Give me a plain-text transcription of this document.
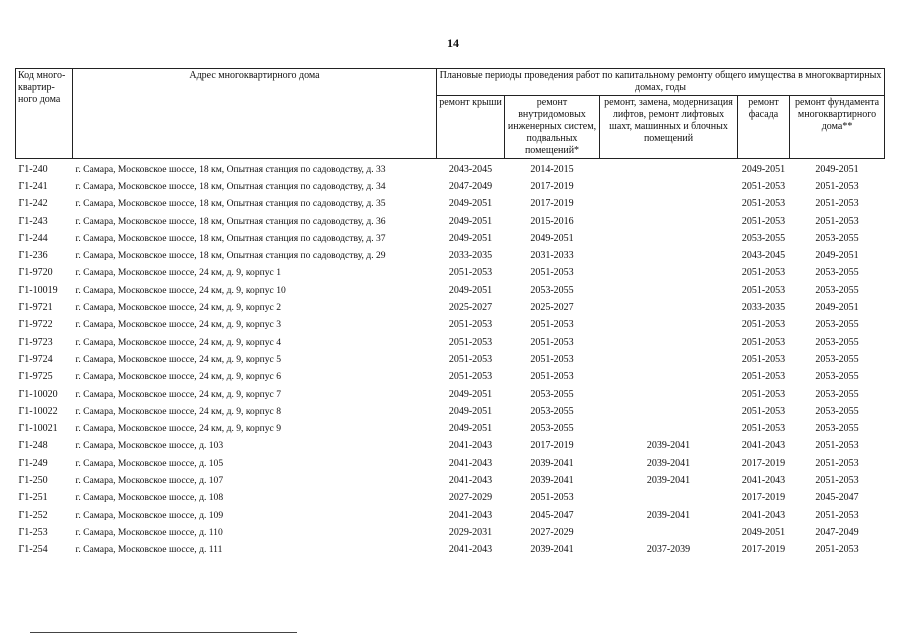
14
Код много-квартир-ного дома	Адрес многоквартирного дома	Плановые периоды проведения работ по капитальному ремонту общего имущества в многоквартирных домах, годы				
		ремонт крыши	ремонт внутридомовых инженерных систем, подвальных помещений*	ремонт, замена, модернизация лифтов, ремонт лифтовых шахт, машинных и блочных помещений	ремонт фасада	ремонт фундамента многоквартирного дома**
Г1-240	г. Самара, Московское шоссе, 18 км, Опытная станция по садоводству, д. 33	2043-2045	2014-2015		2049-2051	2049-2051
Г1-241	г. Самара, Московское шоссе, 18 км, Опытная станция по садоводству, д. 34	2047-2049	2017-2019		2051-2053	2051-2053
Г1-242	г. Самара, Московское шоссе, 18 км, Опытная станция по садоводству, д. 35	2049-2051	2017-2019		2051-2053	2051-2053
Г1-243	г. Самара, Московское шоссе, 18 км, Опытная станция по садоводству, д. 36	2049-2051	2015-2016		2051-2053	2051-2053
Г1-244	г. Самара, Московское шоссе, 18 км, Опытная станция по садоводству, д. 37	2049-2051	2049-2051		2053-2055	2053-2055
Г1-236	г. Самара, Московское шоссе, 18 км, Опытная станция по садоводству, д. 29	2033-2035	2031-2033		2043-2045	2049-2051
Г1-9720	г. Самара, Московское шоссе, 24 км, д. 9, корпус 1	2051-2053	2051-2053		2051-2053	2053-2055
Г1-10019	г. Самара, Московское шоссе, 24 км, д. 9, корпус 10	2049-2051	2053-2055		2051-2053	2053-2055
Г1-9721	г. Самара, Московское шоссе, 24 км, д. 9, корпус 2	2025-2027	2025-2027		2033-2035	2049-2051
Г1-9722	г. Самара, Московское шоссе, 24 км, д. 9, корпус 3	2051-2053	2051-2053		2051-2053	2053-2055
Г1-9723	г. Самара, Московское шоссе, 24 км, д. 9, корпус 4	2051-2053	2051-2053		2051-2053	2053-2055
Г1-9724	г. Самара, Московское шоссе, 24 км, д. 9, корпус 5	2051-2053	2051-2053		2051-2053	2053-2055
Г1-9725	г. Самара, Московское шоссе, 24 км, д. 9, корпус 6	2051-2053	2051-2053		2051-2053	2053-2055
Г1-10020	г. Самара, Московское шоссе, 24 км, д. 9, корпус 7	2049-2051	2053-2055		2051-2053	2053-2055
Г1-10022	г. Самара, Московское шоссе, 24 км, д. 9, корпус 8	2049-2051	2053-2055		2051-2053	2053-2055
Г1-10021	г. Самара, Московское шоссе, 24 км, д. 9, корпус 9	2049-2051	2053-2055		2051-2053	2053-2055
Г1-248	г. Самара, Московское шоссе, д. 103	2041-2043	2017-2019	2039-2041	2041-2043	2051-2053
Г1-249	г. Самара, Московское шоссе, д. 105	2041-2043	2039-2041	2039-2041	2017-2019	2051-2053
Г1-250	г. Самара, Московское шоссе, д. 107	2041-2043	2039-2041	2039-2041	2041-2043	2051-2053
Г1-251	г. Самара, Московское шоссе, д. 108	2027-2029	2051-2053		2017-2019	2045-2047
Г1-252	г. Самара, Московское шоссе, д. 109	2041-2043	2045-2047	2039-2041	2041-2043	2051-2053
Г1-253	г. Самара, Московское шоссе, д. 110	2029-2031	2027-2029		2049-2051	2047-2049
Г1-254	г. Самара, Московское шоссе, д. 111	2041-2043	2039-2041	2037-2039	2017-2019	2051-2053
